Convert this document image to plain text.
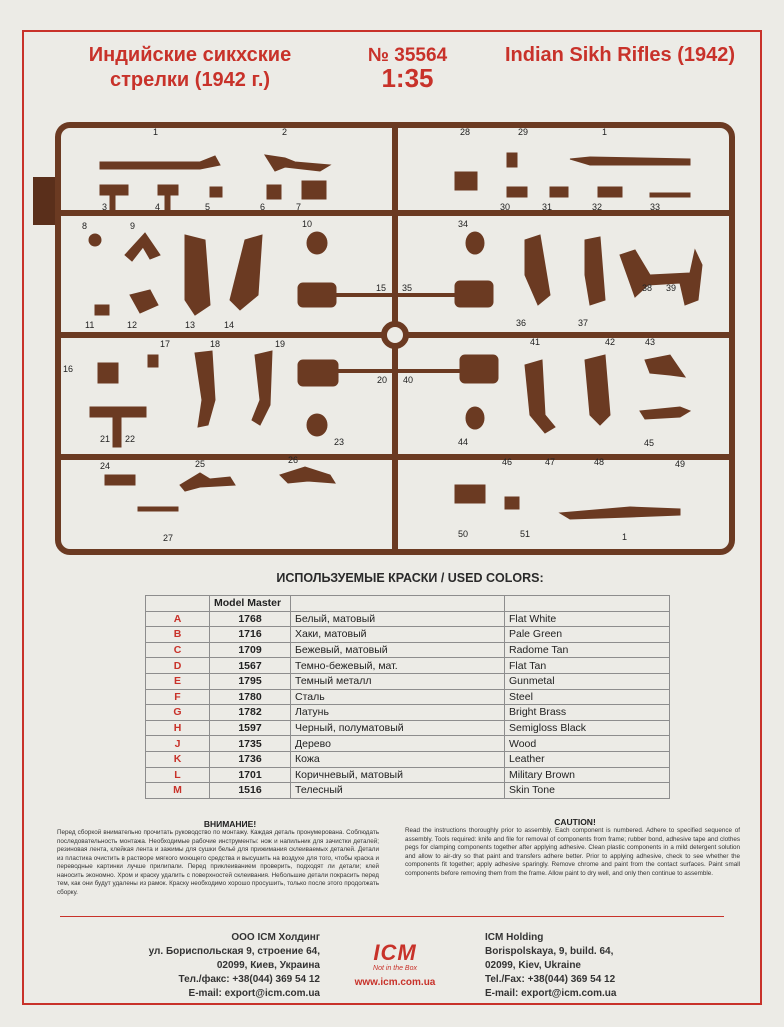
Индийские сикхские стрелки (1942 г.)
№ 35564
1:35
Indian Sikh Rifles (1942)
1	2	28	29	1
3	4	5	6	7	30	31	32	33
8	9	10	34
15 35	38 39
11	12	13	14	36	37
17	18	19	41	42	43
16
20 40
21 22	44	45
24	25	26
23
46	47	48	49
27	50	51	1
ИСПОЛЬЗУЕМЫЕ КРАСКИ / USED COLORS:
	Model Master		
A	1768	Белый, матовый	Flat White
B	1716	Хаки, матовый	Pale Green
C	1709	Бежевый, матовый	Radome Tan
D	1567	Темно-бежевый, мат.	Flat Tan
E	1795	Темный металл	Gunmetal
F	1780	Сталь	Steel
G	1782	Латунь	Bright Brass
H	1597	Черный, полуматовый	Semigloss Black
J	1735	Дерево	Wood
K	1736	Кожа	Leather
L	1701	Коричневый, матовый	Military Brown
M	1516	Телесный	Skin Tone
ВНИМАНИЕ!
Перед сборкой внимательно прочитать руководство по монтажу. Каждая деталь пронумерована. Соблюдать последовательность монтажа. Необходимые рабочие инструменты: нож и напильник для зачистки деталей; резиновая лента, клейкая лента и зажимы для сушки бельё для прижимания склеиваемых деталей. Детали из пластика очистить в растворе мягкого моющего средства и высушить на воздухе для того, чтобы краска и переводные картинки лучше прилипали. Перед приклеиванием проверить, подходят ли детали; клей наносить экономно. Хром и краску удалить с поверхностей склеивания. Небольшие детали покрасить перед тем, как они будут удалены из рамок. Краску необходимо хорошо просушить, только после этого продолжать сборку.
CAUTION!
Read the instructions thoroughly prior to assembly. Each component is numbered. Adhere to specified sequence of assembly. Tools required: knife and file for removal of components from frame; rubber bond, adhesive tape and clothes pegs for clamping components together after applying adhesive. Clean plastic components in a mild detergent solution and allow to air-dry so that paint and transfers adhere better. Prior to applying adhesive, check to see whether the components fit together; apply adhesive sparingly. Remove chrome and paint from the contact surfaces. Paint small components before removing them from the frame. Allow paint to dry well, and only then continue to assemble.
ООО ICM Холдинг
ул. Бориспольская 9, строение 64,
02099, Киев, Украина
Тел./факс: +38(044) 369 54 12
E-mail: export@icm.com.ua
ICM
Not in the Box
www.icm.com.ua
ICM Holding
Borispolskaya, 9, build. 64,
02099, Kiev, Ukraine
Tel./Fax: +38(044) 369 54 12
E-mail: export@icm.com.ua
